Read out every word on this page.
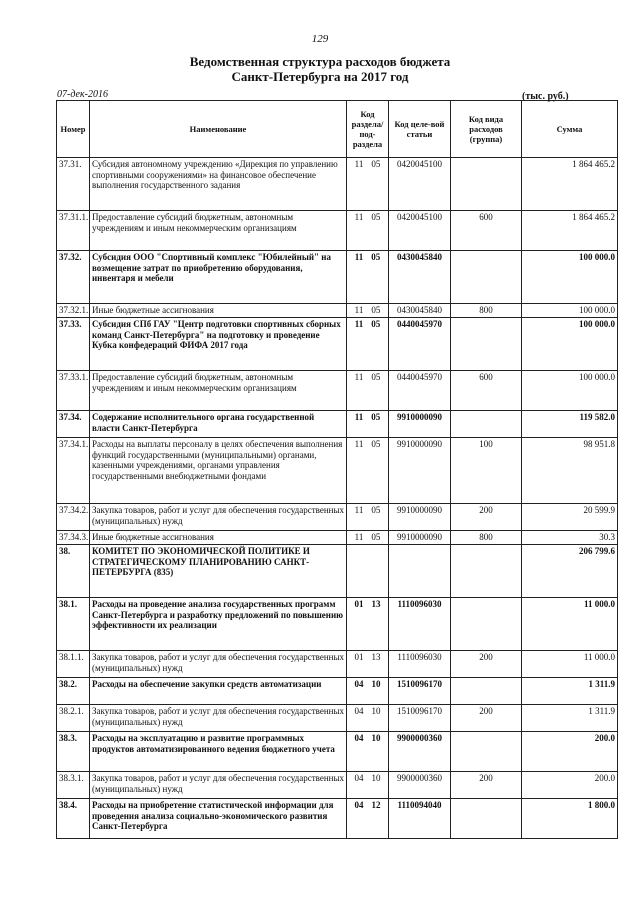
129
Ведомственная структура расходов бюджета
Санкт-Петербурга на 2017 год
07-дек-2016	(тыс. руб.)
Номер	Наименование	Код раздела/ под-раздела	Код целе-вой статьи	Код вида расходов (группа)	Сумма
37.31.	Субсидия автономному учреждению «Дирекция по управлению спортивными сооружениями» на финансовое обеспечение выполнения государственного задания	11 05	0420045100		1 864 465.2
37.31.1.	Предоставление субсидий бюджетным, автономным учреждениям и иным некоммерческим организациям	11 05	0420045100	600	1 864 465.2
37.32.	Субсидия ООО "Спортивный комплекс "Юбилейный" на возмещение затрат по приобретению оборудования, инвентаря и мебели	11 05	0430045840		100 000.0
37.32.1.	Иные бюджетные ассигнования	11 05	0430045840	800	100 000.0
37.33.	Субсидия СПб ГАУ "Центр подготовки спортивных сборных команд Санкт-Петербурга" на подготовку и проведение Кубка конфедераций ФИФА 2017 года	11 05	0440045970		100 000.0
37.33.1.	Предоставление субсидий бюджетным, автономным учреждениям и иным некоммерческим организациям	11 05	0440045970	600	100 000.0
37.34.	Содержание исполнительного органа государственной власти Санкт-Петербурга	11 05	9910000090		119 582.0
37.34.1.	Расходы на выплаты персоналу в целях обеспечения выполнения функций государственными (муниципальными) органами, казенными учреждениями, органами управления государственными внебюджетными фондами	11 05	9910000090	100	98 951.8
37.34.2.	Закупка товаров, работ и услуг для обеспечения государственных (муниципальных) нужд	11 05	9910000090	200	20 599.9
37.34.3.	Иные бюджетные ассигнования	11 05	9910000090	800	30.3
38.	КОМИТЕТ ПО ЭКОНОМИЧЕСКОЙ ПОЛИТИКЕ И СТРАТЕГИЧЕСКОМУ ПЛАНИРОВАНИЮ САНКТ-ПЕТЕРБУРГА (835)				206 799.6
38.1.	Расходы на проведение анализа государственных программ Санкт-Петербурга и разработку предложений по повышению эффективности их реализации	01 13	1110096030		11 000.0
38.1.1.	Закупка товаров, работ и услуг для обеспечения государственных (муниципальных) нужд	01 13	1110096030	200	11 000.0
38.2.	Расходы на обеспечение закупки средств автоматизации	04 10	1510096170		1 311.9
38.2.1.	Закупка товаров, работ и услуг для обеспечения государственных (муниципальных) нужд	04 10	1510096170	200	1 311.9
38.3.	Расходы на эксплуатацию и развитие программных продуктов автоматизированного ведения бюджетного учета	04 10	9900000360		200.0
38.3.1.	Закупка товаров, работ и услуг для обеспечения государственных (муниципальных) нужд	04 10	9900000360	200	200.0
38.4.	Расходы на приобретение статистической информации для проведения анализа социально-экономического развития Санкт-Петербурга	04 12	1110094040		1 800.0
